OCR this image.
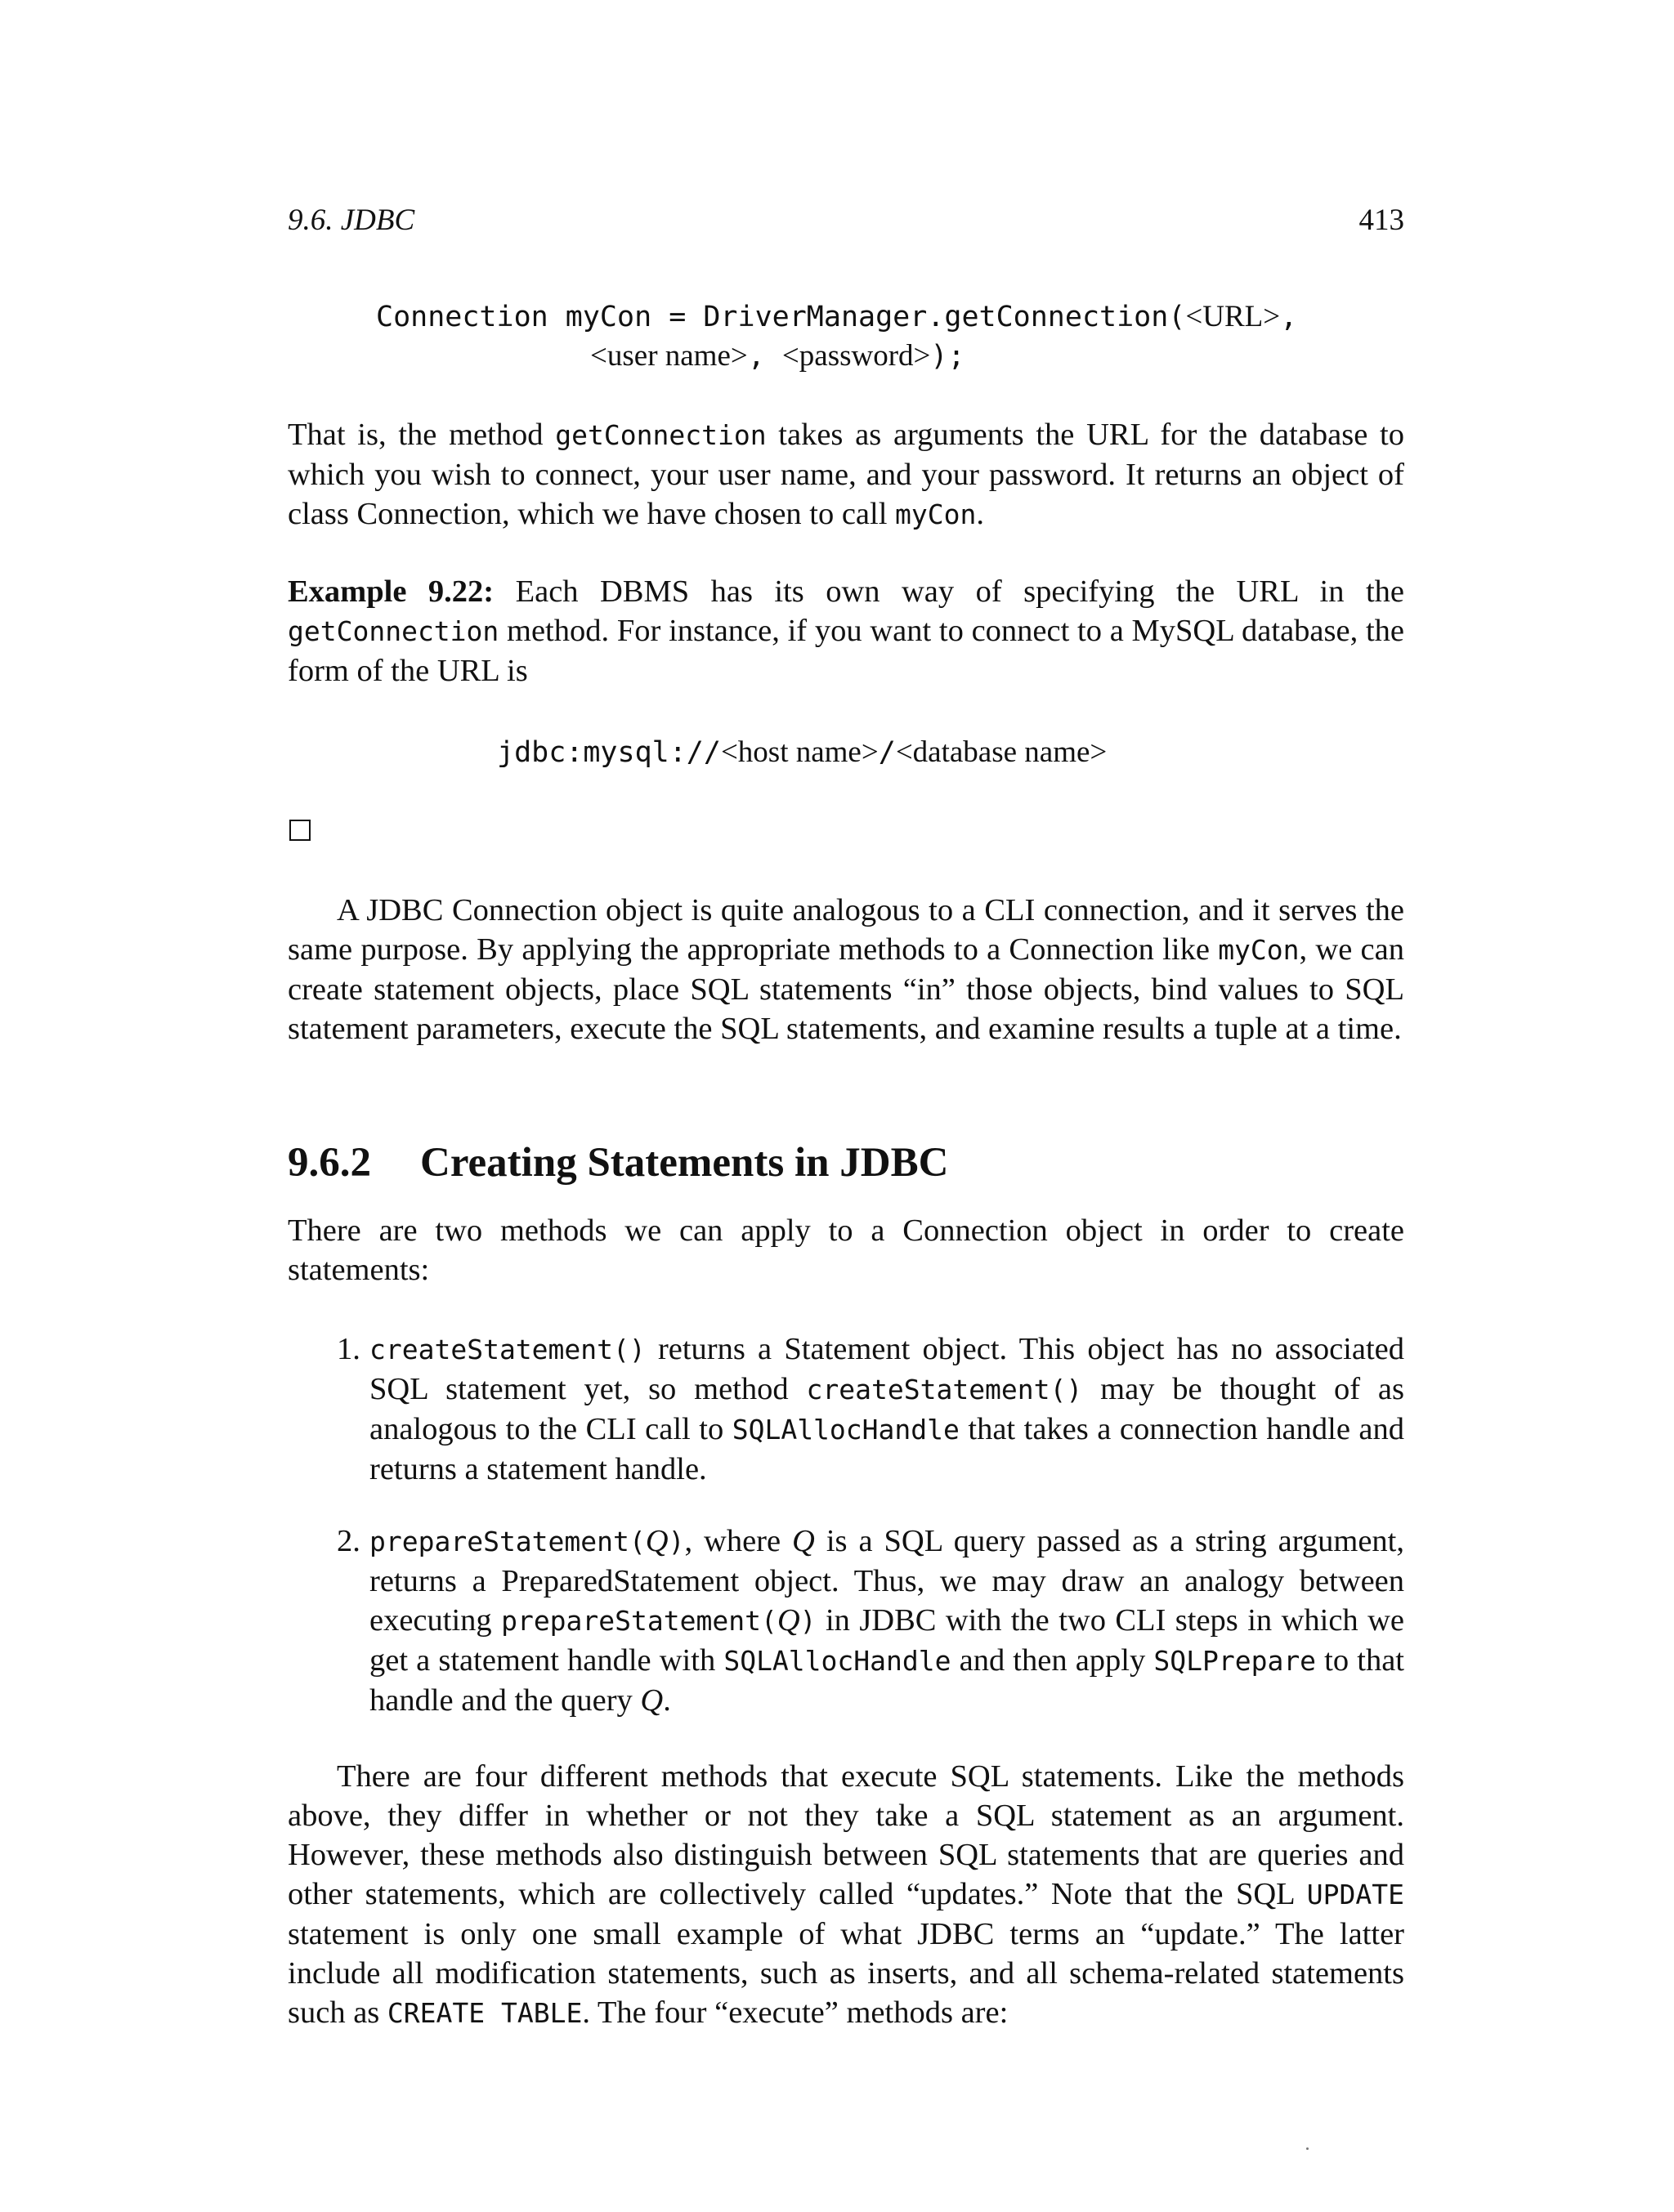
9.6. JDBC	413
Connection myCon = DriverManager.getConnection(<URL>,
<user name>, <password>);

That is, the method getConnection takes as arguments the URL for the database to which you wish to connect, your user name, and your password. It returns an object of class Connection, which we have chosen to call myCon.

Example 9.22: Each DBMS has its own way of specifying the URL in the getConnection method. For instance, if you want to connect to a MySQL database, the form of the URL is

jdbc:mysql://<host name>/<database name>

A JDBC Connection object is quite analogous to a CLI connection, and it serves the same purpose. By applying the appropriate methods to a Connection like myCon, we can create statement objects, place SQL statements “in” those objects, bind values to SQL statement parameters, execute the SQL statements, and examine results a tuple at a time.

9.6.2 Creating Statements in JDBC

There are two methods we can apply to a Connection object in order to create statements:

1. createStatement() returns a Statement object. This object has no associated SQL statement yet, so method createStatement() may be thought of as analogous to the CLI call to SQLAllocHandle that takes a connection handle and returns a statement handle.

2. prepareStatement(Q), where Q is a SQL query passed as a string argument, returns a PreparedStatement object. Thus, we may draw an analogy between executing prepareStatement(Q) in JDBC with the two CLI steps in which we get a statement handle with SQLAllocHandle and then apply SQLPrepare to that handle and the query Q.

There are four different methods that execute SQL statements. Like the methods above, they differ in whether or not they take a SQL statement as an argument. However, these methods also distinguish between SQL statements that are queries and other statements, which are collectively called “updates.” Note that the SQL UPDATE statement is only one small example of what JDBC terms an “update.” The latter include all modification statements, such as inserts, and all schema-related statements such as CREATE TABLE. The four “execute” methods are:
